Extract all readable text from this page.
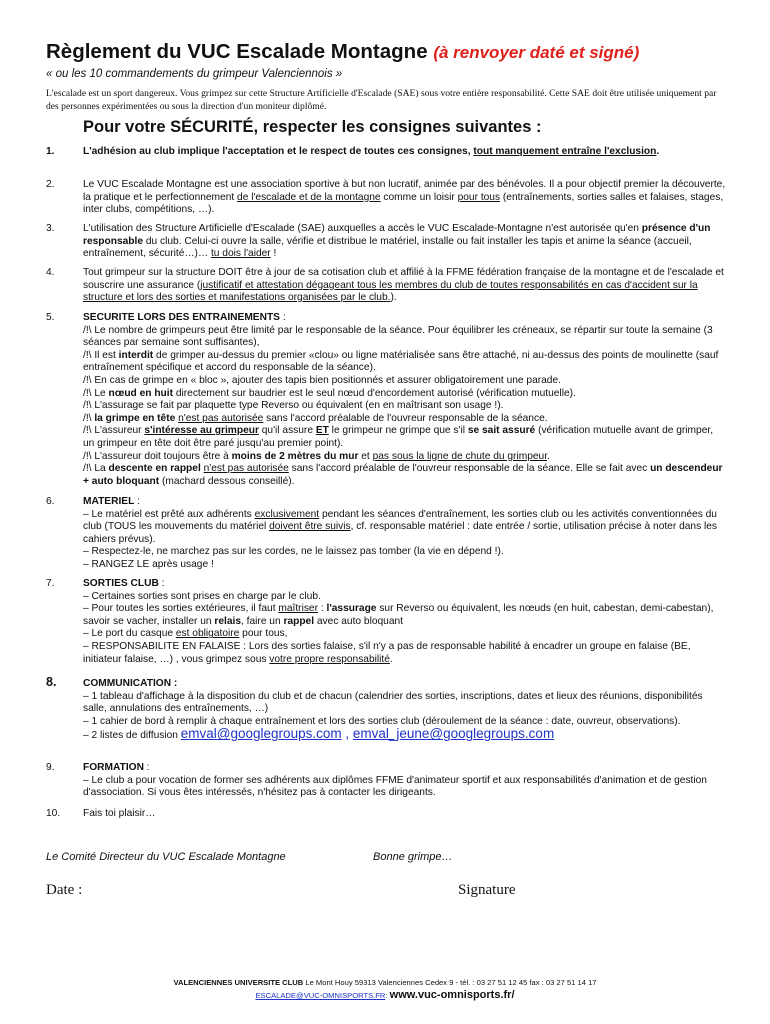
Règlement du VUC Escalade Montagne (à renvoyer daté et signé)
« ou les 10 commandements du grimpeur Valenciennois »
L'escalade est un sport dangereux. Vous grimpez sur cette Structure Artificielle d'Escalade (SAE) sous votre entière responsabilité. Cette SAE doit être utilisée uniquement par des personnes expérimentées ou sous la direction d'un moniteur diplômé.
Pour votre SÉCURITÉ, respecter les consignes suivantes :
1.	L'adhésion au club implique l'acceptation et le respect de toutes ces consignes, tout manquement entraîne l'exclusion.
2.	Le VUC Escalade Montagne est une association sportive à but non lucratif, animée par des bénévoles. Il a pour objectif premier la découverte, la pratique et le perfectionnement de l'escalade et de la montagne comme un loisir pour tous (entraînements, sorties salles et falaises, stages, inter clubs, compétitions, …).
3.	L'utilisation des Structure Artificielle d'Escalade (SAE) auxquelles a accès le VUC Escalade-Montagne n'est autorisée qu'en présence d'un responsable du club. Celui-ci ouvre la salle, vérifie et distribue le matériel, installe ou fait installer les tapis et anime la séance (accueil, entraînement, sécurité…)… tu dois l'aider !
4.	Tout grimpeur sur la structure DOIT être à jour de sa cotisation club et affilié à la FFME fédération française de la montagne et de l'escalade et souscrire une assurance (justificatif et attestation dégageant tous les membres du club de toutes responsabilités en cas d'accident sur la structure et lors des sorties et manifestations organisées par le club.).
5.	SECURITE LORS DES ENTRAINEMENTS :

/!\ Le nombre de grimpeurs peut être limité par le responsable de la séance. Pour équilibrer les créneaux, se répartir sur toute la semaine (3 séances par semaine sont suffisantes),

/!\ Il est interdit de grimper au-dessus du premier «clou» ou ligne matérialisée sans être attaché, ni au-dessus des points de moulinette (sauf entraînement spécifique et accord du responsable de la séance).

/!\ En cas de grimpe en « bloc », ajouter des tapis bien positionnés et assurer obligatoirement une parade.

/!\ Le nœud en huit directement sur baudrier est le seul nœud d'encordement autorisé (vérification mutuelle).

/!\ L'assurage se fait par plaquette type Reverso ou équivalent (en en maîtrisant son usage !).

/!\ la grimpe en tête n'est pas autorisée sans l'accord préalable de l'ouvreur responsable de la séance.

/!\ L'assureur s'intéresse au grimpeur qu'il assure ET le grimpeur ne grimpe que s'il se sait assuré (vérification mutuelle avant de grimper, un grimpeur en tête doit être paré jusqu'au premier point).

/!\ L'assureur doit toujours être à moins de 2 mètres du mur et pas sous la ligne de chute du grimpeur.

/!\ La descente en rappel n'est pas autorisée sans l'accord préalable de l'ouvreur responsable de la séance. Elle se fait avec un descendeur + auto bloquant (machard dessous conseillé).

6.	MATERIEL :

– Le matériel est prêté aux adhérents exclusivement pendant les séances d'entraînement, les sorties club ou les activités conventionnées du club (TOUS les mouvements du matériel doivent être suivis, cf. responsable matériel : date entrée / sortie, utilisation précise à noter dans les cahiers prévus).

– Respectez-le, ne marchez pas sur les cordes, ne le laissez pas tomber (la vie en dépend !).

– RANGEZ LE après usage !

7.	SORTIES CLUB :

– Certaines sorties sont prises en charge par le club.

– Pour toutes les sorties extérieures, il faut maîtriser : l'assurage sur Reverso ou équivalent, les nœuds (en huit, cabestan, demi-cabestan), savoir se vacher, installer un relais, faire un rappel avec auto bloquant

– Le port du casque est obligatoire pour tous,

– RESPONSABILITE EN FALAISE : Lors des sorties falaise, s'il n'y a pas de responsable habilité à encadrer un groupe en falaise (BE, initiateur falaise, …) , vous grimpez sous votre propre responsabilité.

8.	COMMUNICATION :

– 1 tableau d'affichage à la disposition du club et de chacun (calendrier des sorties, inscriptions, dates et lieux des réunions, disponibilités salle, annulations des entraînements, …)

– 1 cahier de bord à remplir à chaque entraînement et lors des sorties club (déroulement de la séance : date, ouvreur, observations).

– 2 listes de diffusion emval@googlegroups.com , emval_jeune@googlegroups.com

9.	FORMATION :

– Le club a pour vocation de former ses adhérents aux diplômes FFME d'animateur sportif et aux responsabilités d'animation et de gestion d'association. Si vous êtes intéressés, n'hésitez pas à contacter les dirigeants.

10.	Fais toi plaisir…
Le Comité Directeur du VUC Escalade Montagne	Bonne grimpe…
Date :	Signature
VALENCIENNES UNIVERSITE CLUB Le Mont Houy 59313 Valenciennes Cedex 9 - tél. : 03 27 51 12 45 fax : 03 27 51 14 17
ESCALADE@VUC-OMNISPORTS.FR: www.vuc-omnisports.fr/
